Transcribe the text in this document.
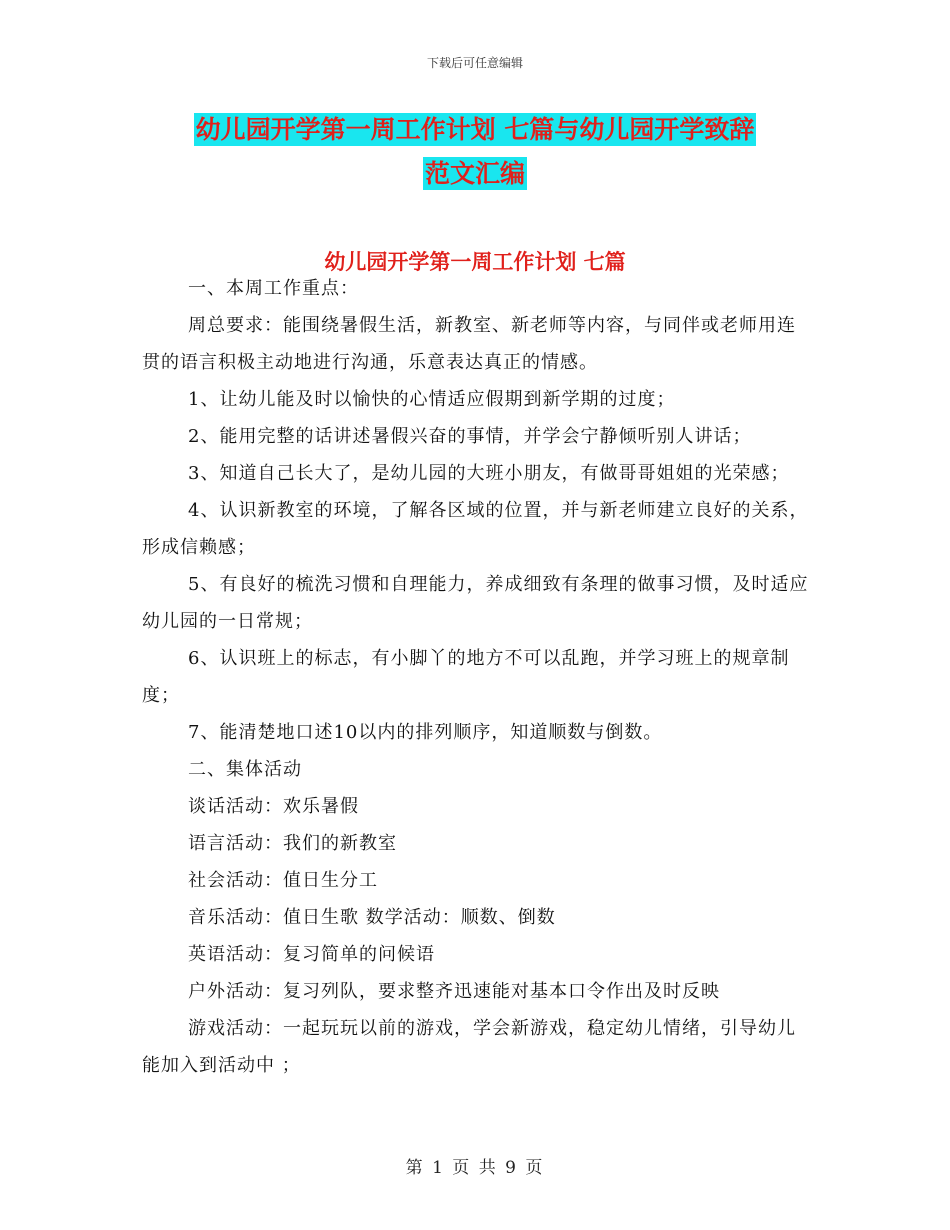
下载后可任意编辑
幼儿园开学第一周工作计划 七篇与幼儿园开学致辞
范文汇编
幼儿园开学第一周工作计划 七篇

一、本周工作重点：

周总要求：能围绕暑假生活，新教室、新老师等内容，与同伴或老师用连贯的语言积极主动地进行沟通，乐意表达真正的情感。

1、让幼儿能及时以愉快的心情适应假期到新学期的过度；

2、能用完整的话讲述暑假兴奋的事情，并学会宁静倾听别人讲话；

3、知道自己长大了，是幼儿园的大班小朋友，有做哥哥姐姐的光荣感；

4、认识新教室的环境，了解各区域的位置，并与新老师建立良好的关系，形成信赖感；

5、有良好的梳洗习惯和自理能力，养成细致有条理的做事习惯，及时适应幼儿园的一日常规；

6、认识班上的标志，有小脚丫的地方不可以乱跑，并学习班上的规章制度；

7、能清楚地口述10以内的排列顺序，知道顺数与倒数。

二、集体活动

谈话活动：欢乐暑假

语言活动：我们的新教室

社会活动：值日生分工

音乐活动：值日生歌 数学活动：顺数、倒数

英语活动：复习简单的问候语

户外活动：复习列队，要求整齐迅速能对基本口令作出及时反映

游戏活动：一起玩玩以前的游戏，学会新游戏，稳定幼儿情绪，引导幼儿能加入到活动中 ；

第 1 页 共 9 页
